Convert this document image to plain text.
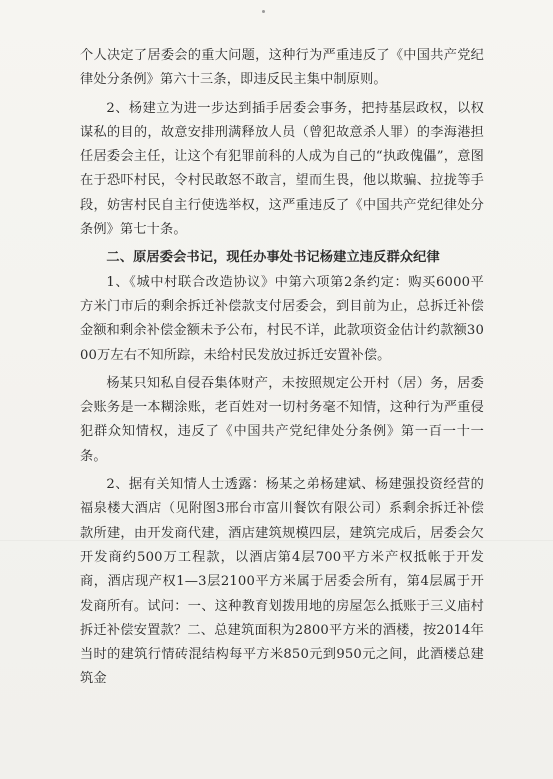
个人决定了居委会的重大问题，这种行为严重违反了《中国共产党纪律处分条例》第六十三条，即违反民主集中制原则。

2、杨建立为进一步达到插手居委会事务，把持基层政权，以权谋私的目的，故意安排刑满释放人员（曾犯故意杀人罪）的李海港担任居委会主任，让这个有犯罪前科的人成为自己的“执政傀儡”，意图在于恐吓村民，令村民敢怒不敢言，望而生畏，他以欺骗、拉拢等手段，妨害村民自主行使选举权，这严重违反了《中国共产党纪律处分条例》第七十条。

二、原居委会书记，现任办事处书记杨建立违反群众纪律

1、《城中村联合改造协议》中第六项第2条约定：购买6000平方米门市后的剩余拆迁补偿款支付居委会，到目前为止，总拆迁补偿金额和剩余补偿金额未予公布，村民不详，此款项资金估计约款额3000万左右不知所踪，未给村民发放过拆迁安置补偿。

杨某只知私自侵吞集体财产，未按照规定公开村（居）务，居委会账务是一本糊涂账，老百姓对一切村务毫不知情，这种行为严重侵犯群众知情权，违反了《中国共产党纪律处分条例》第一百一十一条。

2、据有关知情人士透露：杨某之弟杨建斌、杨建强投资经营的福泉楼大酒店（见附图3邢台市富川餐饮有限公司）系剩余拆迁补偿款所建，由开发商代建，酒店建筑规模四层，建筑完成后，居委会欠开发商约500万工程款，以酒店第4层700平方米产权抵帐于开发商，酒店现产权1—3层2100平方米属于居委会所有，第4层属于开发商所有。试问：一、这种教育划拨用地的房屋怎么抵账于三义庙村拆迁补偿安置款？二、总建筑面积为2800平方米的酒楼，按2014年当时的建筑行情砖混结构每平方米850元到950元之间，此酒楼总建筑金
